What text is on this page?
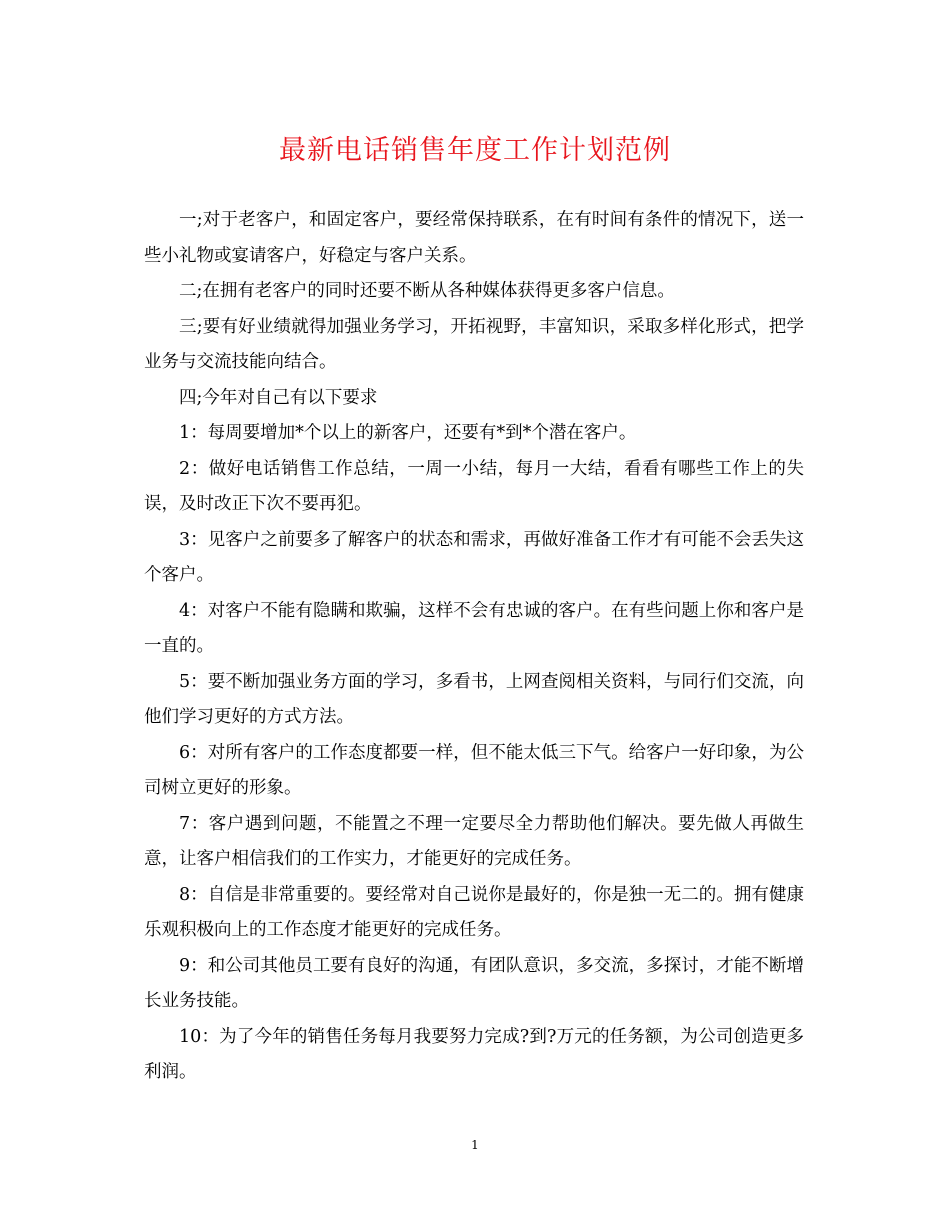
最新电话销售年度工作计划范例

一;对于老客户，和固定客户，要经常保持联系，在有时间有条件的情况下，送一些小礼物或宴请客户，好稳定与客户关系。

二;在拥有老客户的同时还要不断从各种媒体获得更多客户信息。

三;要有好业绩就得加强业务学习，开拓视野，丰富知识，采取多样化形式，把学业务与交流技能向结合。

四;今年对自己有以下要求

1：每周要增加*个以上的新客户，还要有*到*个潜在客户。

2：做好电话销售工作总结，一周一小结，每月一大结，看看有哪些工作上的失误，及时改正下次不要再犯。

3：见客户之前要多了解客户的状态和需求，再做好准备工作才有可能不会丢失这个客户。

4：对客户不能有隐瞒和欺骗，这样不会有忠诚的客户。在有些问题上你和客户是一直的。

5：要不断加强业务方面的学习，多看书，上网查阅相关资料，与同行们交流，向他们学习更好的方式方法。

6：对所有客户的工作态度都要一样，但不能太低三下气。给客户一好印象，为公司树立更好的形象。

7：客户遇到问题，不能置之不理一定要尽全力帮助他们解决。要先做人再做生意，让客户相信我们的工作实力，才能更好的完成任务。

8：自信是非常重要的。要经常对自己说你是最好的，你是独一无二的。拥有健康乐观积极向上的工作态度才能更好的完成任务。

9：和公司其他员工要有良好的沟通，有团队意识，多交流，多探讨，才能不断增长业务技能。

10：为了今年的销售任务每月我要努力完成?到?万元的任务额，为公司创造更多利润。

1
